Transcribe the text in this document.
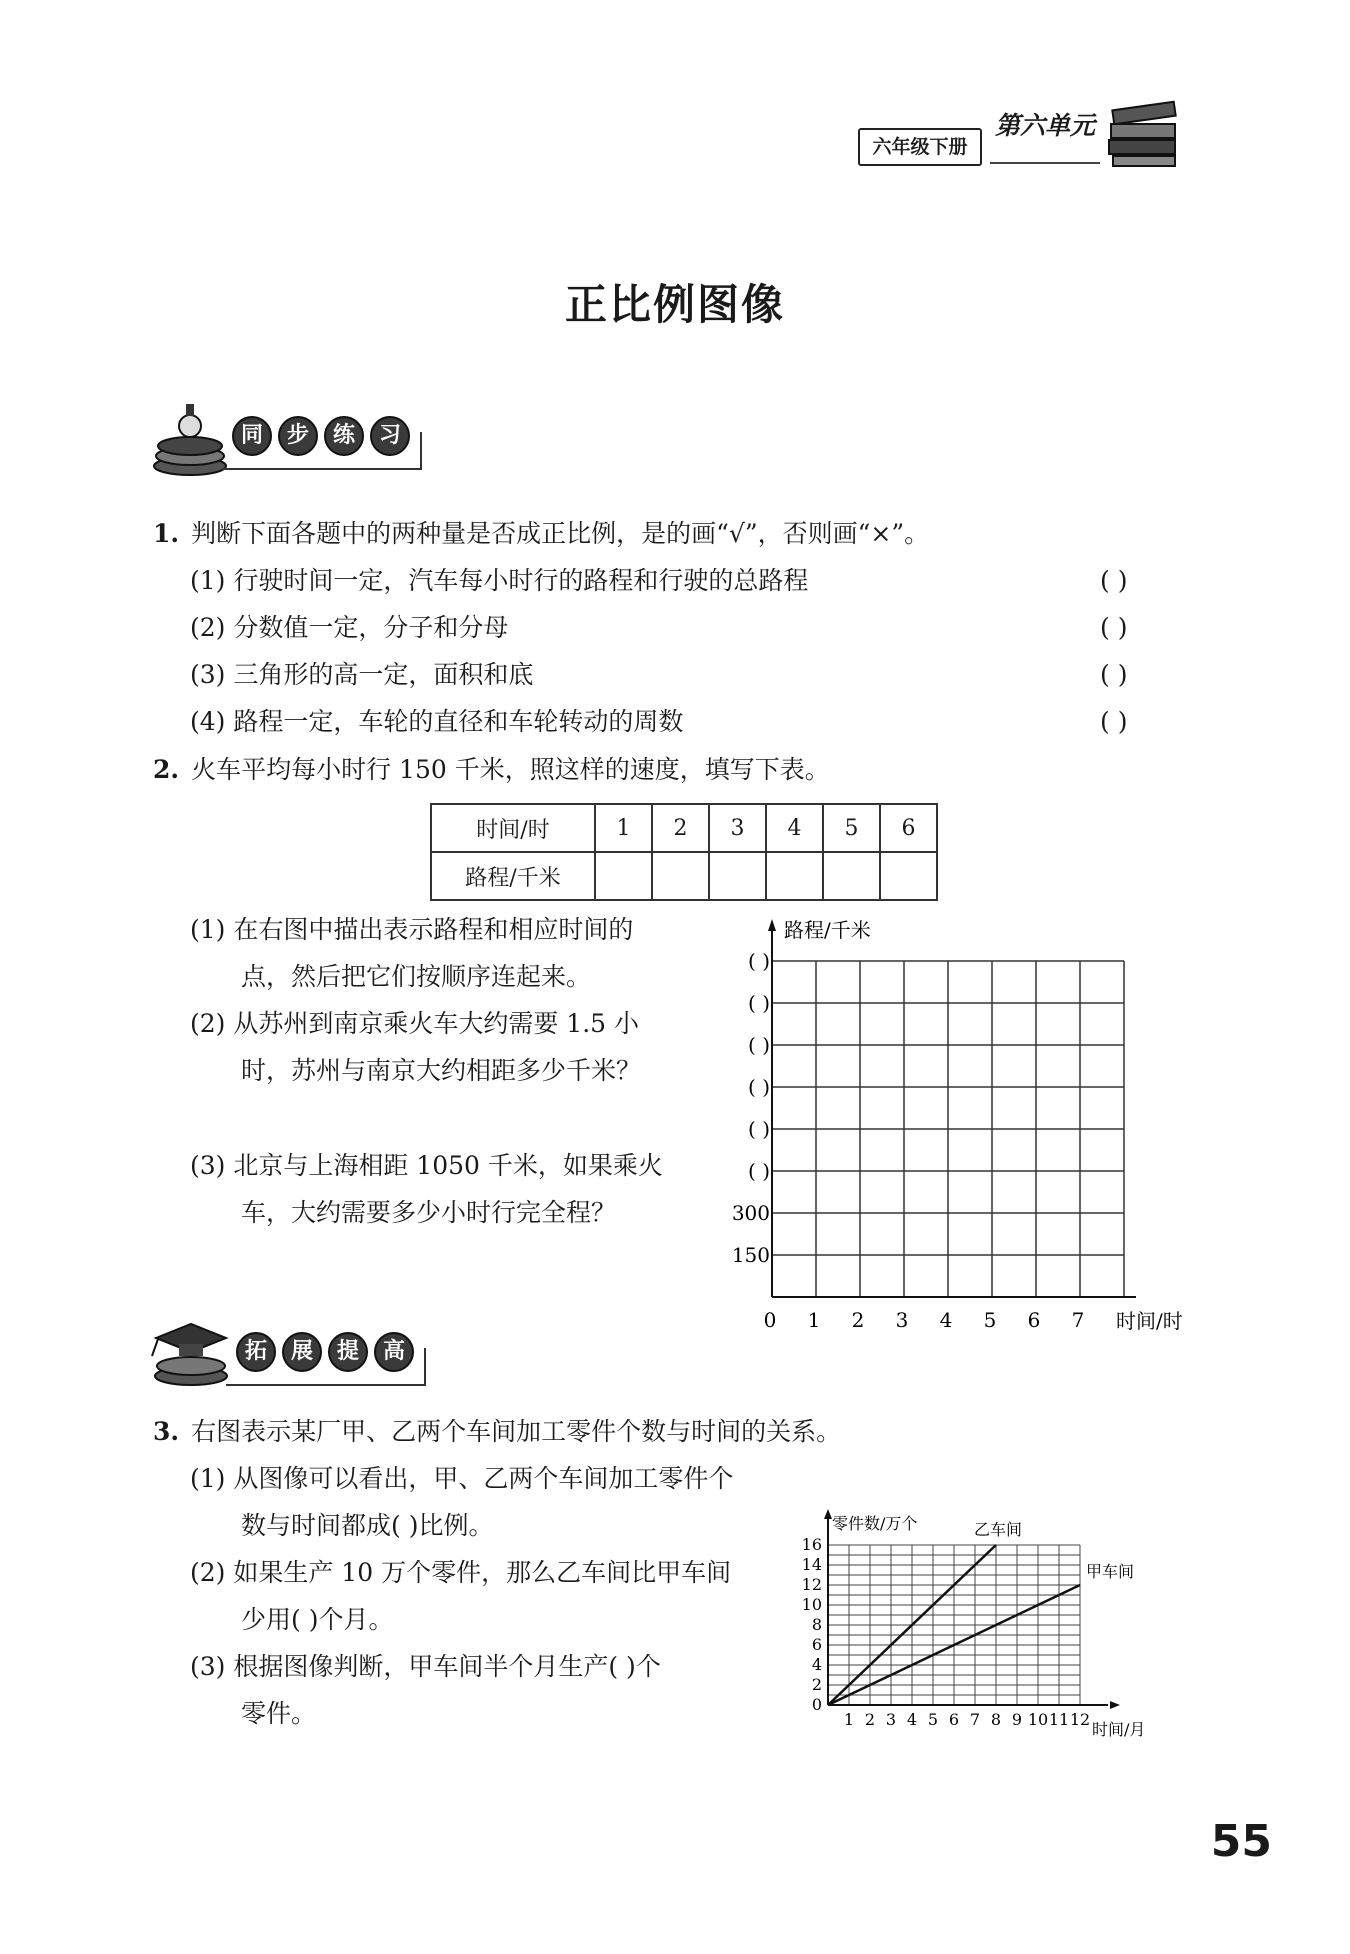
六年级下册
第六单元
正比例图像
同	步	练	习
1. 判断下面各题中的两种量是否成正比例，是的画“√”，否则画“×”。
(1) 行驶时间一定，汽车每小时行的路程和行驶的总路程
(2) 分数值一定，分子和分母
(3) 三角形的高一定，面积和底
(4) 路程一定，车轮的直径和车轮转动的周数
( )
( )
( )
( )
2. 火车平均每小时行 150 千米，照这样的速度，填写下表。
时间/时	1	2	3	4	5	6
路程/千米						
(1) 在右图中描出表示路程和相应时间的
点，然后把它们按顺序连起来。
(2) 从苏州到南京乘火车大约需要 1.5 小
时，苏州与南京大约相距多少千米？
(3) 北京与上海相距 1050 千米，如果乘火
车，大约需要多少小时行完全程？
路程/千米
时间/时
0 1 2 3 4 5 6 7
150
300
( )
( )
( )
( )
( )
( )
拓	展	提	高
3. 右图表示某厂甲、乙两个车间加工零件个数与时间的关系。
(1) 从图像可以看出，甲、乙两个车间加工零件个
数与时间都成( )比例。
(2) 如果生产 10 万个零件，那么乙车间比甲车间
少用( )个月。
(3) 根据图像判断，甲车间半个月生产( )个
零件。
零件数/万个
时间/月
1 2 3 4 5 6 7 8 9 10 11 12
0
2
4
6
8
10
12
14
16
乙车间
甲车间
55
